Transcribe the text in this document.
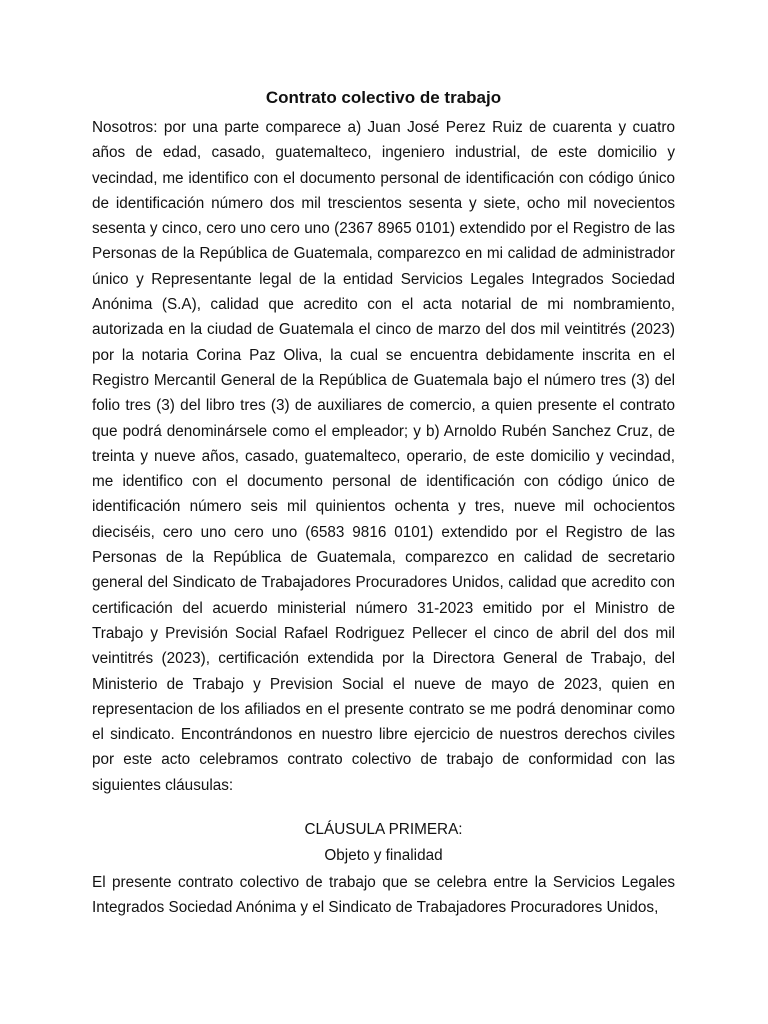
Contrato colectivo de trabajo

Nosotros: por una parte comparece a) Juan José Perez Ruiz de cuarenta y cuatro años de edad, casado, guatemalteco, ingeniero industrial, de este domicilio y vecindad, me identifico con el documento personal de identificación con código único de identificación número dos mil trescientos sesenta y siete, ocho mil novecientos sesenta y cinco, cero uno cero uno (2367 8965 0101) extendido por el Registro de las Personas de la República de Guatemala, comparezco en mi calidad de administrador único y Representante legal de la entidad Servicios Legales Integrados Sociedad Anónima (S.A), calidad que acredito con el acta notarial de mi nombramiento, autorizada en la ciudad de Guatemala el cinco de marzo del dos mil veintitrés (2023) por la notaria Corina Paz Oliva, la cual se encuentra debidamente inscrita en el Registro Mercantil General de la República de Guatemala bajo el número tres (3) del folio tres (3) del libro tres (3) de auxiliares de comercio, a quien presente el contrato que podrá denominársele como el empleador; y b) Arnoldo Rubén Sanchez Cruz, de treinta y nueve años, casado, guatemalteco, operario, de este domicilio y vecindad, me identifico con el documento personal de identificación con código único de identificación número seis mil quinientos ochenta y tres, nueve mil ochocientos dieciséis, cero uno cero uno (6583 9816 0101) extendido por el Registro de las Personas de la República de Guatemala, comparezco en calidad de secretario general del Sindicato de Trabajadores Procuradores Unidos, calidad que acredito con certificación del acuerdo ministerial número 31-2023 emitido por el Ministro de Trabajo y Previsión Social Rafael Rodriguez Pellecer el cinco de abril del dos mil veintitrés (2023), certificación extendida por la Directora General de Trabajo, del Ministerio de Trabajo y Prevision Social el nueve de mayo de 2023, quien en representacion de los afiliados en el presente contrato se me podrá denominar como el sindicato. Encontrándonos en nuestro libre ejercicio de nuestros derechos civiles por este acto celebramos contrato colectivo de trabajo de conformidad con las siguientes cláusulas:

CLÁUSULA PRIMERA:
Objeto y finalidad

El presente contrato colectivo de trabajo que se celebra entre la Servicios Legales Integrados Sociedad Anónima y el Sindicato de Trabajadores Procuradores Unidos,
